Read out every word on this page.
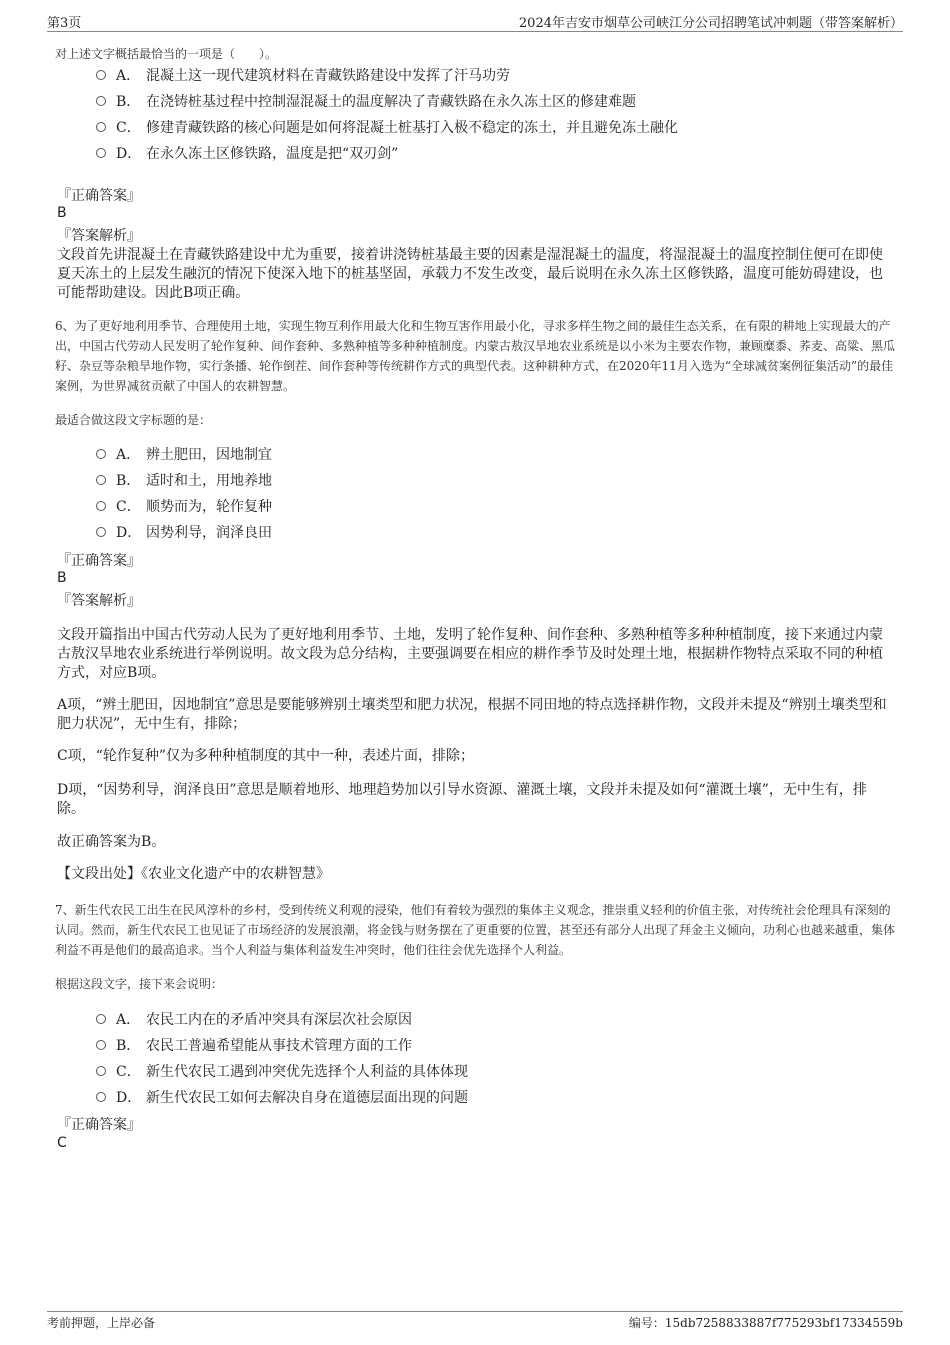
第3页	2024年吉安市烟草公司峡江分公司招聘笔试冲刺题（带答案解析）
对上述文字概括最恰当的一项是（　　）。
A． 混凝土这一现代建筑材料在青藏铁路建设中发挥了汗马功劳
B． 在浇铸桩基过程中控制湿混凝土的温度解决了青藏铁路在永久冻土区的修建难题
C． 修建青藏铁路的核心问题是如何将混凝土桩基打入极不稳定的冻土，并且避免冻土融化
D． 在永久冻土区修铁路，温度是把“双刃剑”
『正确答案』
B
『答案解析』
文段首先讲混凝土在青藏铁路建设中尤为重要，接着讲浇铸桩基最主要的因素是湿混凝土的温度，将湿混凝土的温度控制住便可在即使夏天冻土的上层发生融沉的情况下使深入地下的桩基坚固，承载力不发生改变，最后说明在永久冻土区修铁路，温度可能妨碍建设，也可能帮助建设。因此B项正确。
6、为了更好地利用季节、合理使用土地，实现生物互利作用最大化和生物互害作用最小化，寻求多样生物之间的最佳生态关系，在有限的耕地上实现最大的产出，中国古代劳动人民发明了轮作复种、间作套种、多熟种植等多种种植制度。内蒙古敖汉旱地农业系统是以小米为主要农作物，兼顾糜黍、荞麦、高粱、黑瓜籽、杂豆等杂粮旱地作物，实行条播、轮作倒茬、间作套种等传统耕作方式的典型代表。这种耕种方式，在2020年11月入选为“全球减贫案例征集活动”的最佳案例，为世界减贫贡献了中国人的农耕智慧。
最适合做这段文字标题的是：
A． 辨土肥田，因地制宜
B． 适时和土，用地养地
C． 顺势而为，轮作复种
D． 因势利导，润泽良田
『正确答案』
B
『答案解析』
文段开篇指出中国古代劳动人民为了更好地利用季节、土地，发明了轮作复种、间作套种、多熟种植等多种种植制度，接下来通过内蒙古敖汉旱地农业系统进行举例说明。故文段为总分结构，主要强调要在相应的耕作季节及时处理土地，根据耕作物特点采取不同的种植方式，对应B项。
A项，“辨土肥田，因地制宜”意思是要能够辨别土壤类型和肥力状况，根据不同田地的特点选择耕作物，文段并未提及“辨别土壤类型和肥力状况”，无中生有，排除；
C项，“轮作复种”仅为多种种植制度的其中一种，表述片面，排除；
D项，“因势利导，润泽良田”意思是顺着地形、地理趋势加以引导水资源、灌溉土壤，文段并未提及如何“灌溉土壤”，无中生有，排除。
故正确答案为B。
【文段出处】《农业文化遗产中的农耕智慧》
7、新生代农民工出生在民风淳朴的乡村，受到传统义利观的浸染，他们有着较为强烈的集体主义观念，推崇重义轻利的价值主张，对传统社会伦理具有深刻的认同。然而，新生代农民工也见证了市场经济的发展浪潮，将金钱与财务摆在了更重要的位置，甚至还有部分人出现了拜金主义倾向，功利心也越来越重，集体利益不再是他们的最高追求。当个人利益与集体利益发生冲突时，他们往往会优先选择个人利益。
根据这段文字，接下来会说明：
A． 农民工内在的矛盾冲突具有深层次社会原因
B． 农民工普遍希望能从事技术管理方面的工作
C． 新生代农民工遇到冲突优先选择个人利益的具体体现
D． 新生代农民工如何去解决自身在道德层面出现的问题
『正确答案』
C
考前押题，上岸必备	编号：15db7258833887f775293bf17334559b
